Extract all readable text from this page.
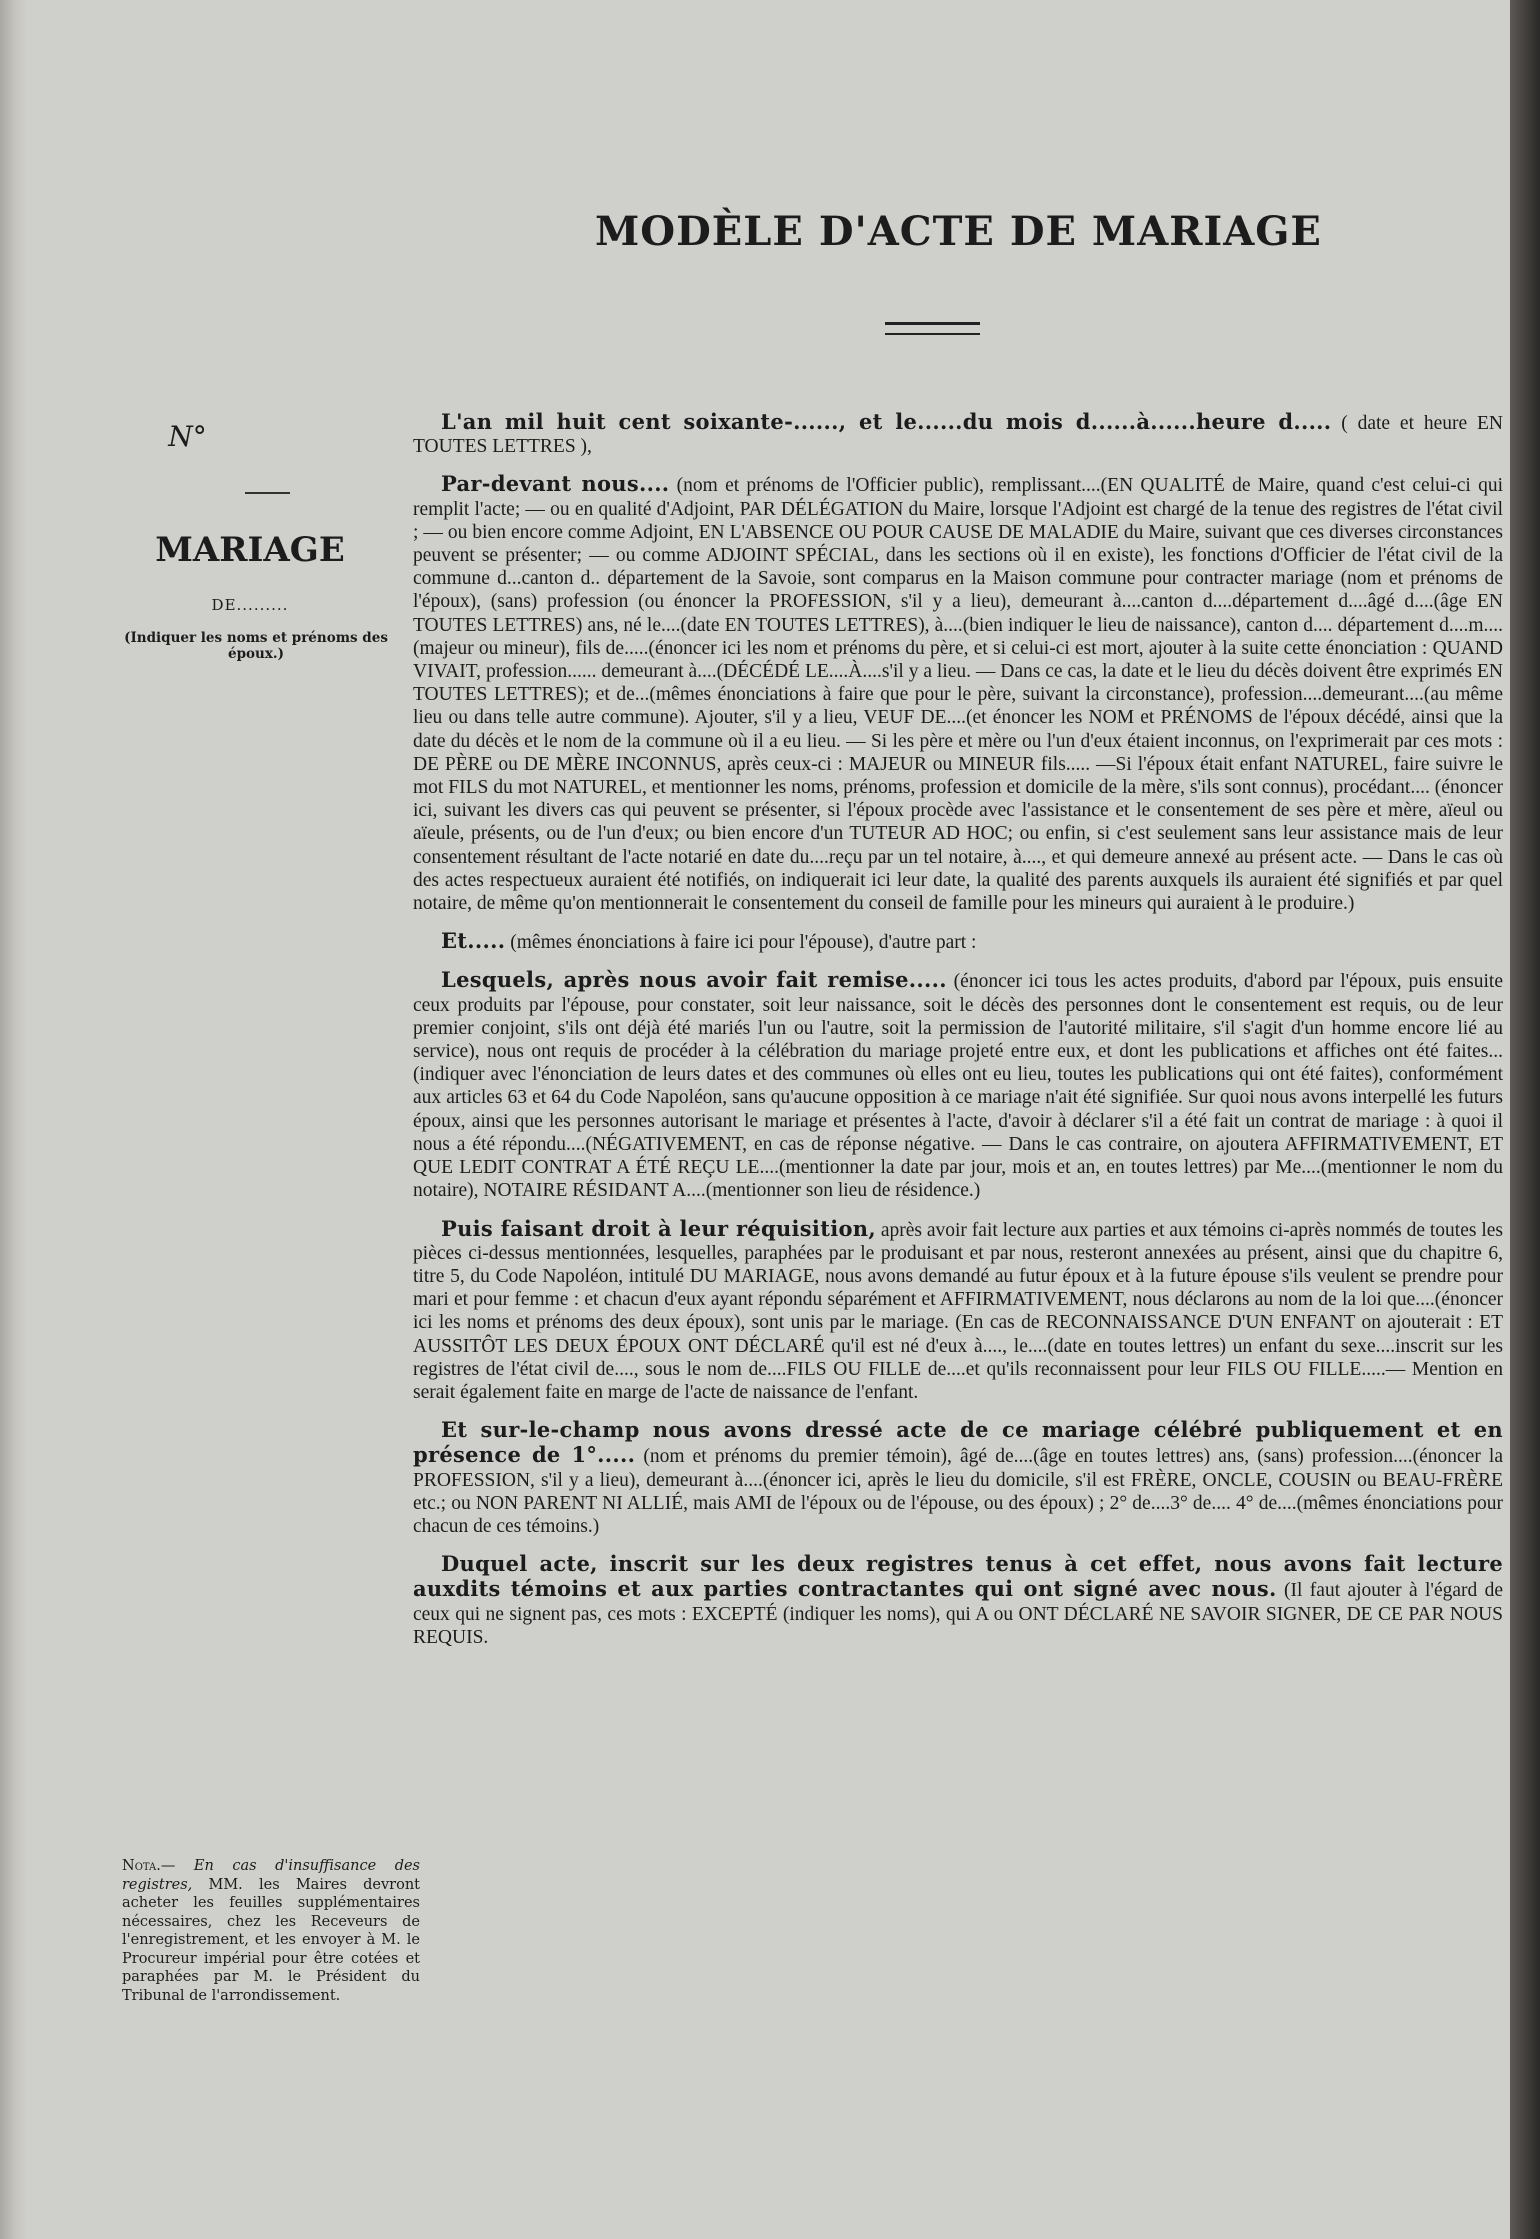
MODÈLE D'ACTE DE MARIAGE
N°
MARIAGE
DE.........
(Indiquer les noms et prénoms des époux.)
Nota.— En cas d'insuffisance des registres, MM. les Maires devront acheter les feuilles supplémentaires nécessaires, chez les Receveurs de l'enregistrement, et les envoyer à M. le Procureur impérial pour être cotées et paraphées par M. le Président du Tribunal de l'arrondissement.

L'an mil huit cent soixante-......, et le......du mois d......à......heure d..... ( date et heure EN TOUTES LETTRES ),

Par-devant nous.... (nom et prénoms de l'Officier public), remplissant....(EN QUALITÉ de Maire, quand c'est celui-ci qui remplit l'acte; — ou en qualité d'Adjoint, PAR DÉLÉGATION du Maire, lorsque l'Adjoint est chargé de la tenue des registres de l'état civil ; — ou bien encore comme Adjoint, EN L'ABSENCE OU POUR CAUSE DE MALADIE du Maire, suivant que ces diverses circonstances peuvent se présenter; — ou comme ADJOINT SPÉCIAL, dans les sections où il en existe), les fonctions d'Officier de l'état civil de la commune d...canton d.. département de la Savoie, sont comparus en la Maison commune pour contracter mariage (nom et prénoms de l'époux), (sans) profession (ou énoncer la PROFESSION, s'il y a lieu), demeurant à....canton d....département d....âgé d....(âge EN TOUTES LETTRES) ans, né le....(date EN TOUTES LETTRES), à....(bien indiquer le lieu de naissance), canton d.... département d....m....(majeur ou mineur), fils de.....(énoncer ici les nom et prénoms du père, et si celui-ci est mort, ajouter à la suite cette énonciation : QUAND VIVAIT, profession...... demeurant à....(DÉCÉDÉ LE....À....s'il y a lieu. — Dans ce cas, la date et le lieu du décès doivent être exprimés EN TOUTES LETTRES); et de...(mêmes énonciations à faire que pour le père, suivant la circonstance), profession....demeurant....(au même lieu ou dans telle autre commune). Ajouter, s'il y a lieu, VEUF DE....(et énoncer les NOM et PRÉNOMS de l'époux décédé, ainsi que la date du décès et le nom de la commune où il a eu lieu. — Si les père et mère ou l'un d'eux étaient inconnus, on l'exprimerait par ces mots : DE PÈRE ou DE MÈRE INCONNUS, après ceux-ci : MAJEUR ou MINEUR fils..... —Si l'époux était enfant NATUREL, faire suivre le mot FILS du mot NATUREL, et mentionner les noms, prénoms, profession et domicile de la mère, s'ils sont connus), procédant.... (énoncer ici, suivant les divers cas qui peuvent se présenter, si l'époux procède avec l'assistance et le consentement de ses père et mère, aïeul ou aïeule, présents, ou de l'un d'eux; ou bien encore d'un TUTEUR AD HOC; ou enfin, si c'est seulement sans leur assistance mais de leur consentement résultant de l'acte notarié en date du....reçu par un tel notaire, à...., et qui demeure annexé au présent acte. — Dans le cas où des actes respectueux auraient été notifiés, on indiquerait ici leur date, la qualité des parents auxquels ils auraient été signifiés et par quel notaire, de même qu'on mentionnerait le consentement du conseil de famille pour les mineurs qui auraient à le produire.)

Et..... (mêmes énonciations à faire ici pour l'épouse), d'autre part :

Lesquels, après nous avoir fait remise..... (énoncer ici tous les actes produits, d'abord par l'époux, puis ensuite ceux produits par l'épouse, pour constater, soit leur naissance, soit le décès des personnes dont le consentement est requis, ou de leur premier conjoint, s'ils ont déjà été mariés l'un ou l'autre, soit la permission de l'autorité militaire, s'il s'agit d'un homme encore lié au service), nous ont requis de procéder à la célébration du mariage projeté entre eux, et dont les publications et affiches ont été faites...(indiquer avec l'énonciation de leurs dates et des communes où elles ont eu lieu, toutes les publications qui ont été faites), conformément aux articles 63 et 64 du Code Napoléon, sans qu'aucune opposition à ce mariage n'ait été signifiée. Sur quoi nous avons interpellé les futurs époux, ainsi que les personnes autorisant le mariage et présentes à l'acte, d'avoir à déclarer s'il a été fait un contrat de mariage : à quoi il nous a été répondu....(NÉGATIVEMENT, en cas de réponse négative. — Dans le cas contraire, on ajoutera AFFIRMATIVEMENT, ET QUE LEDIT CONTRAT A ÉTÉ REÇU LE....(mentionner la date par jour, mois et an, en toutes lettres) par Me....(mentionner le nom du notaire), NOTAIRE RÉSIDANT A....(mentionner son lieu de résidence.)

Puis faisant droit à leur réquisition, après avoir fait lecture aux parties et aux témoins ci-après nommés de toutes les pièces ci-dessus mentionnées, lesquelles, paraphées par le produisant et par nous, resteront annexées au présent, ainsi que du chapitre 6, titre 5, du Code Napoléon, intitulé DU MARIAGE, nous avons demandé au futur époux et à la future épouse s'ils veulent se prendre pour mari et pour femme : et chacun d'eux ayant répondu séparément et AFFIRMATIVEMENT, nous déclarons au nom de la loi que....(énoncer ici les noms et prénoms des deux époux), sont unis par le mariage. (En cas de RECONNAISSANCE D'UN ENFANT on ajouterait : ET AUSSITÔT LES DEUX ÉPOUX ONT DÉCLARÉ qu'il est né d'eux à...., le....(date en toutes lettres) un enfant du sexe....inscrit sur les registres de l'état civil de...., sous le nom de....FILS OU FILLE de....et qu'ils reconnaissent pour leur FILS OU FILLE.....— Mention en serait également faite en marge de l'acte de naissance de l'enfant.

Et sur-le-champ nous avons dressé acte de ce mariage célébré publiquement et en présence de 1°..... (nom et prénoms du premier témoin), âgé de....(âge en toutes lettres) ans, (sans) profession....(énoncer la PROFESSION, s'il y a lieu), demeurant à....(énoncer ici, après le lieu du domicile, s'il est FRÈRE, ONCLE, COUSIN ou BEAU-FRÈRE etc.; ou NON PARENT NI ALLIÉ, mais AMI de l'époux ou de l'épouse, ou des époux) ; 2° de....3° de.... 4° de....(mêmes énonciations pour chacun de ces témoins.)

Duquel acte, inscrit sur les deux registres tenus à cet effet, nous avons fait lecture auxdits témoins et aux parties contractantes qui ont signé avec nous. (Il faut ajouter à l'égard de ceux qui ne signent pas, ces mots : EXCEPTÉ (indiquer les noms), qui A ou ONT DÉCLARÉ NE SAVOIR SIGNER, DE CE PAR NOUS REQUIS.
